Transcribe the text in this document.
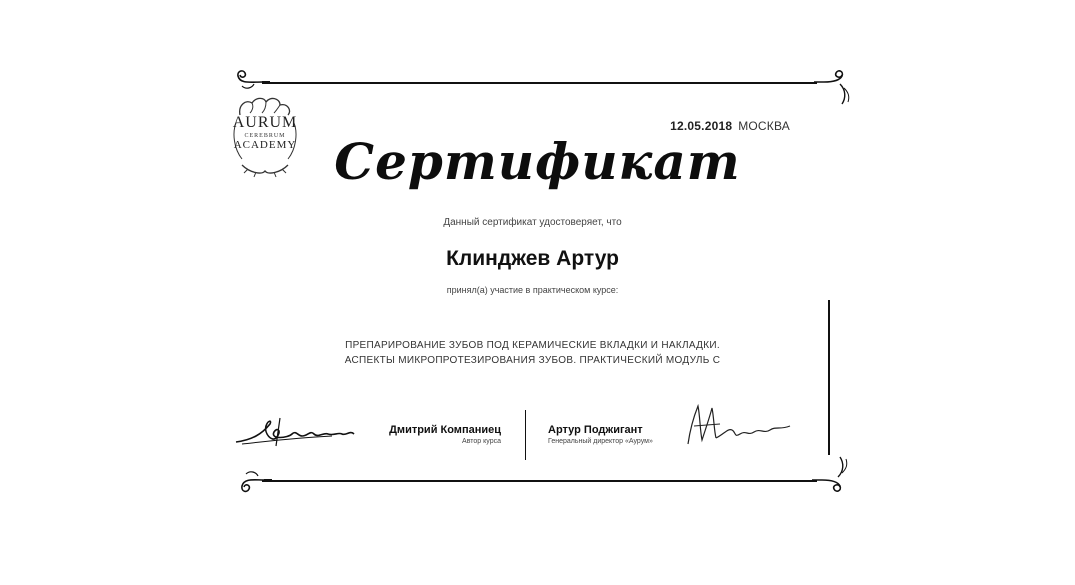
AURUM
CEREBRUM
ACADEMY
12.05.2018 МОСКВА
Сертификат
Данный сертификат удостоверяет, что
Клинджев Артур
принял(а) участие в практическом курсе:
ПРЕПАРИРОВАНИЕ ЗУБОВ ПОД КЕРАМИЧЕСКИЕ ВКЛАДКИ И НАКЛАДКИ.
АСПЕКТЫ МИКРОПРОТЕЗИРОВАНИЯ ЗУБОВ. ПРАКТИЧЕСКИЙ МОДУЛЬ С
Дмитрий Компаниец
Автор курса
Артур Поджигант
Генеральный директор «Аурум»
